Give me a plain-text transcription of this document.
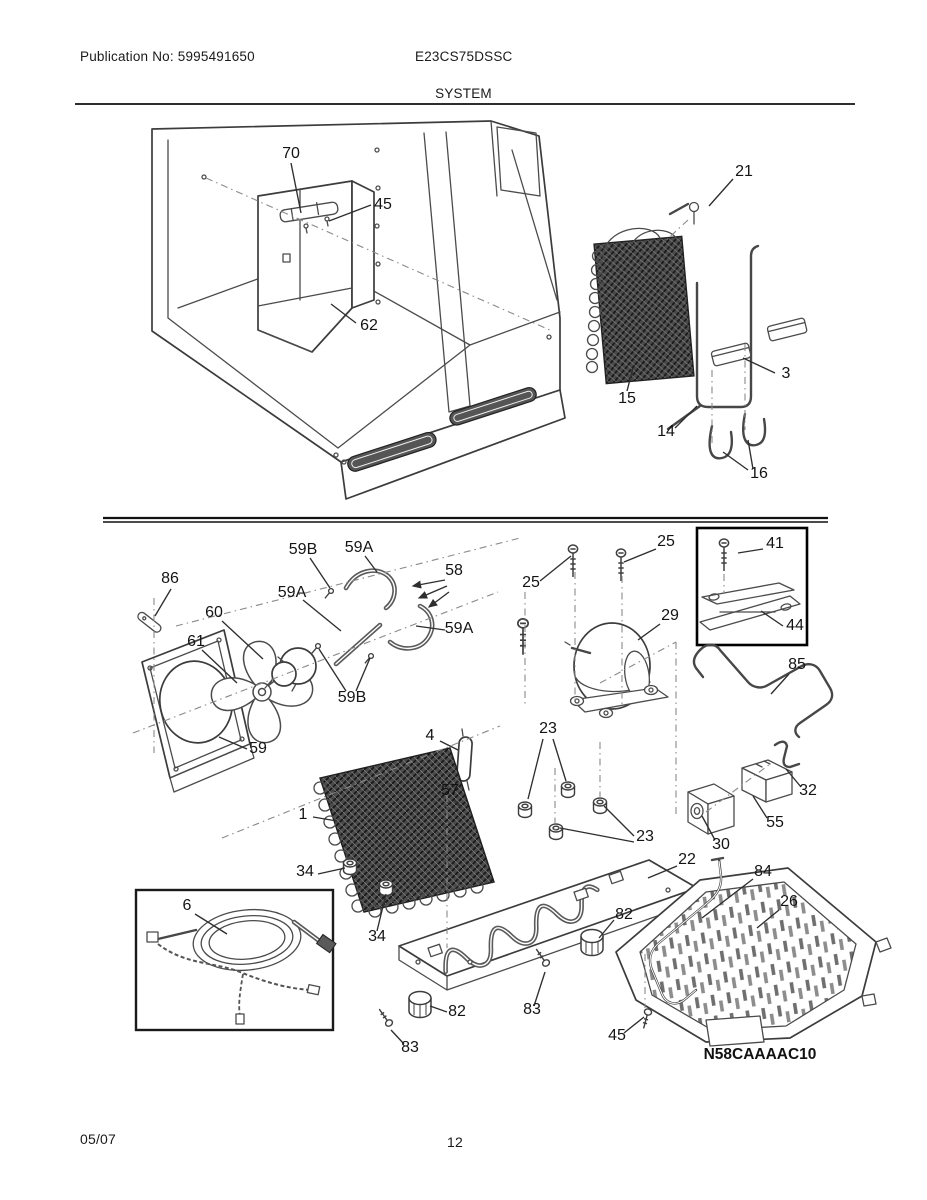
Publication No: 5995491650	E23CS75DSSC
SYSTEM
05/07	12
70
45
62
21
15
3
14
16
86
59B 59A
58
59A
60
61
59A
59B
59
4
57
1
34
34
6
25
25
29
41
44
85
23
23
32
55
30
22
84
26
82
82	83
83
45
N58CAAAAC10
